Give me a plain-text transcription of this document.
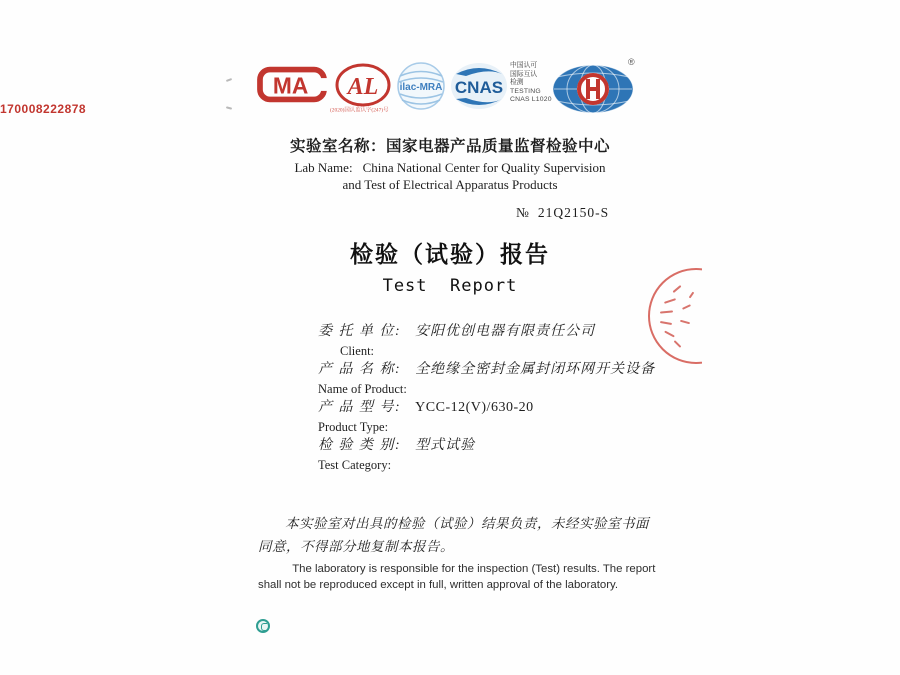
MA
170008222878
AL
(2020)国认监认字(247)号
ilac-MRA CNAS
中国认可
国际互认
检测
TESTING
CNAS L1020
®
实验室名称：国家电器产品质量监督检验中心
Lab Name: China National Center for Quality Supervision
and Test of Electrical Apparatus Products
№ 21Q2150-S
检验（试验）报告
Test  Report
委 托 单 位: 安阳优创电器有限责任公司
Client:
产 品 名 称: 全绝缘全密封金属封闭环网开关设备
Name of Product:
产 品 型 号: YCC-12(V)/630-20
Product Type:
检 验 类 别: 型式试验
Test Category:
本实验室对出具的检验（试验）结果负责，未经实验室书面同意，不得部分地复制本报告。
The laboratory is responsible for the inspection (Test) results. The report shall not be reproduced except in full, written approval of the laboratory.
